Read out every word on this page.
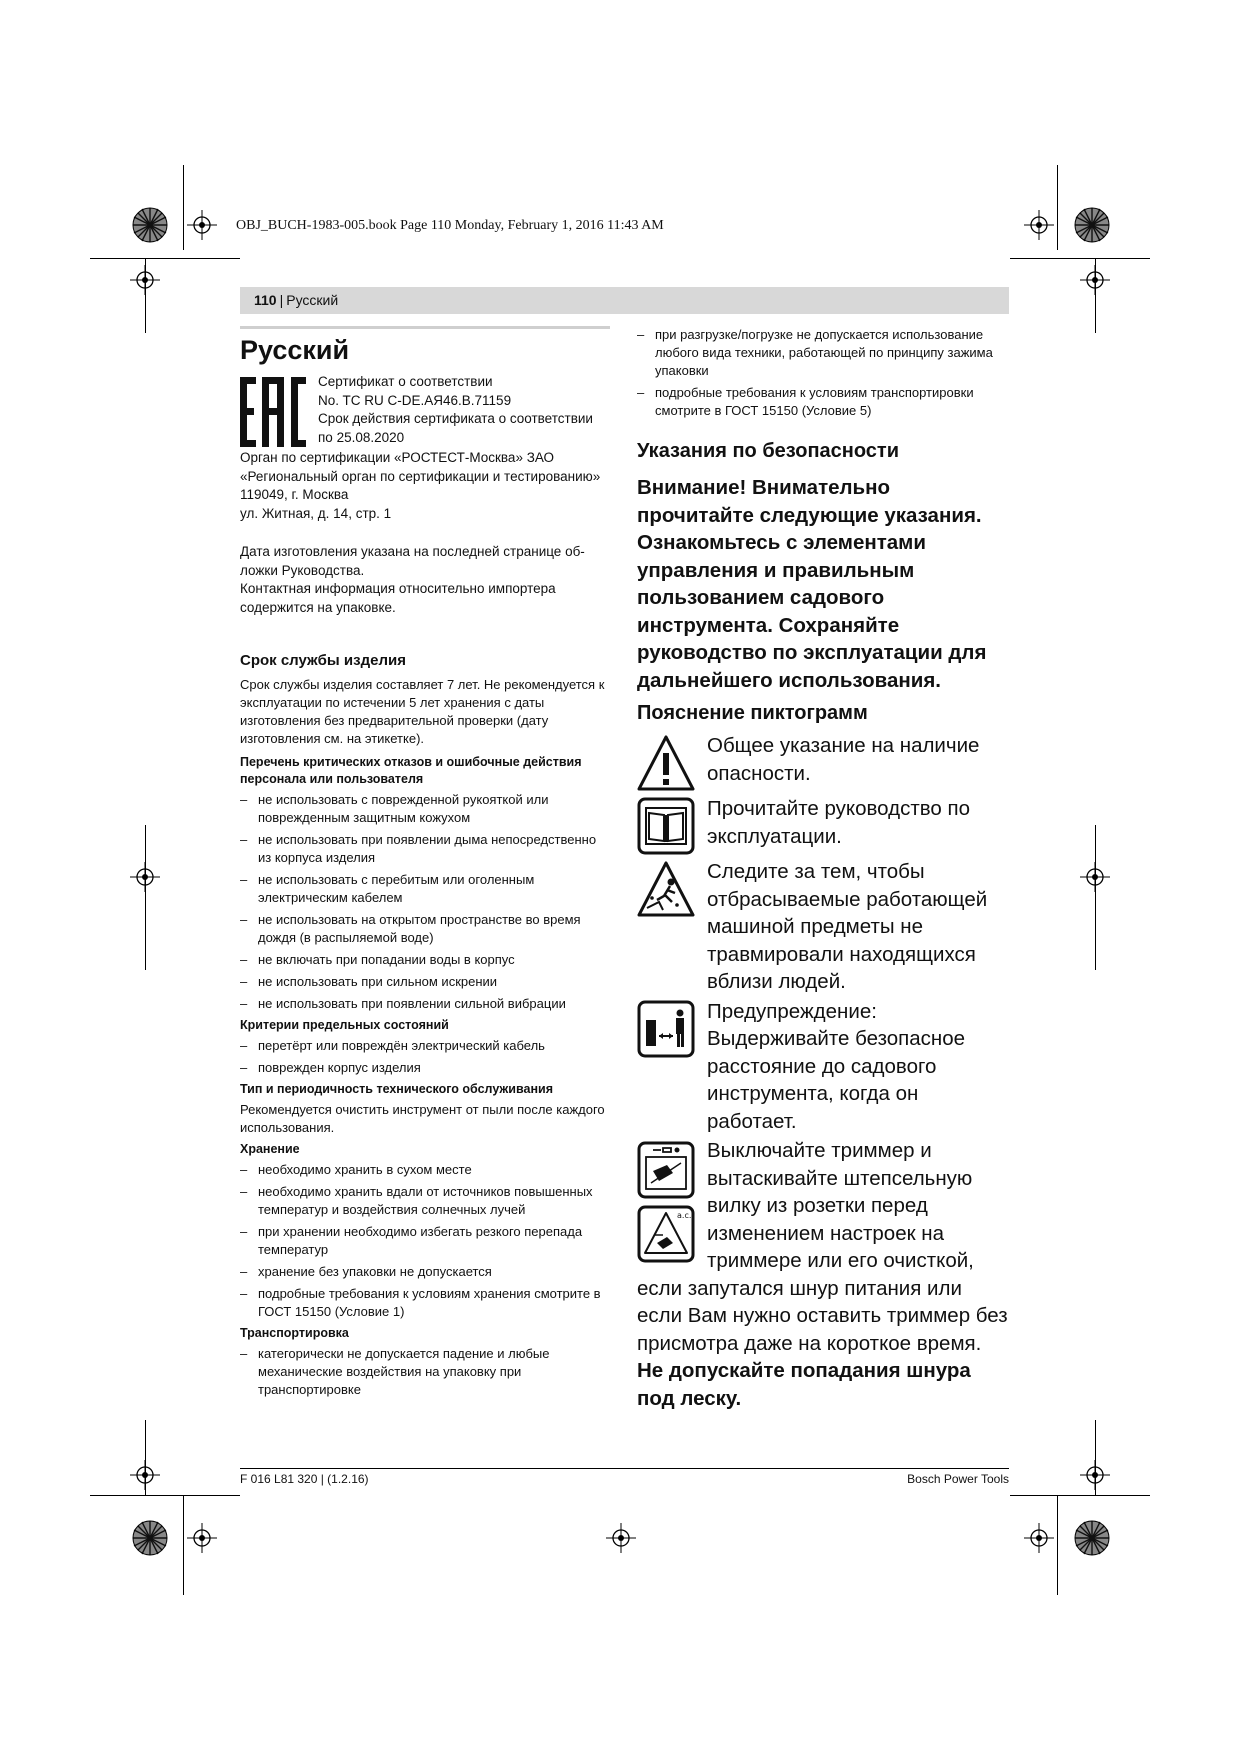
OBJ_BUCH-1983-005.book Page 110 Monday, February 1, 2016 11:43 AM
110 | Русский
Русский
Сертификат о соответствии
No. TC RU C-DE.АЯ46.B.71159
Срок действия сертификата о соответствии
по 25.08.2020

Орган по сертификации «РОСТЕСТ-Москва» ЗАО

«Региональный орган по сертификации и тестированию»

119049, г. Москва

ул. Житная, д. 14, стр. 1

Дата изготовления указана на последней странице об-

ложки Руководства.

Контактная информация относительно импортера

содержится на упаковке.

Срок службы изделия

Срок службы изделия составляет 7 лет. Не рекомендуется к эксплуатации по истечении 5 лет хранения с даты изготовления без предварительной проверки (дату изготовления см. на этикетке).

Перечень критических отказов и ошибочные действия персонала или пользователя
– не использовать с поврежденной рукояткой или поврежденным защитным кожухом
– не использовать при появлении дыма непосредственно из корпуса изделия
– не использовать с перебитым или оголенным электрическим кабелем
– не использовать на открытом пространстве во время дождя (в распыляемой воде)
– не включать при попадании воды в корпус
– не использовать при сильном искрении
– не использовать при появлении сильной вибрации
Критерии предельных состояний
– перетёрт или повреждён электрический кабель
– поврежден корпус изделия
Тип и периодичность технического обслуживания

Рекомендуется очистить инструмент от пыли после каждого использования.

Хранение
– необходимо хранить в сухом месте
– необходимо хранить вдали от источников повышенных температур и воздействия солнечных лучей
– при хранении необходимо избегать резкого перепада температур
– хранение без упаковки не допускается
– подробные требования к условиям хранения смотрите в ГОСТ 15150 (Условие 1)
Транспортировка
– категорически не допускается падение и любые механические воздействия на упаковку при транспортировке
– при разгрузке/погрузке не допускается использование любого вида техники, работающей по принципу зажима упаковки
– подробные требования к условиям транспортировки смотрите в ГОСТ 15150 (Условие 5)
Указания по безопасности

Внимание! Внимательно прочитайте следующие указания. Ознакомьтесь с элементами управления и правильным пользованием садового инструмента. Сохраняйте руководство по эксплуатации для дальнейшего использования.

Пояснение пиктограмм
Общее указание на наличие опасности.
Прочитайте руководство по эксплуатации.
Следите за тем, чтобы отбрасываемые работающей машиной предметы не травмировали находящихся вблизи людей.
Предупреждение: Выдерживайте безопасное расстояние до садового инструмента, когда он работает.
a.c.
Выключайте триммер и вытаскивайте штепсельную вилку из розетки перед изменением настроек на триммере или его очисткой,

если запутался шнур питания или если Вам нужно оставить триммер без присмотра даже на короткое время. Не допускайте попадания шнура под леску.

F 016 L81 320 | (1.2.16)	Bosch Power Tools
